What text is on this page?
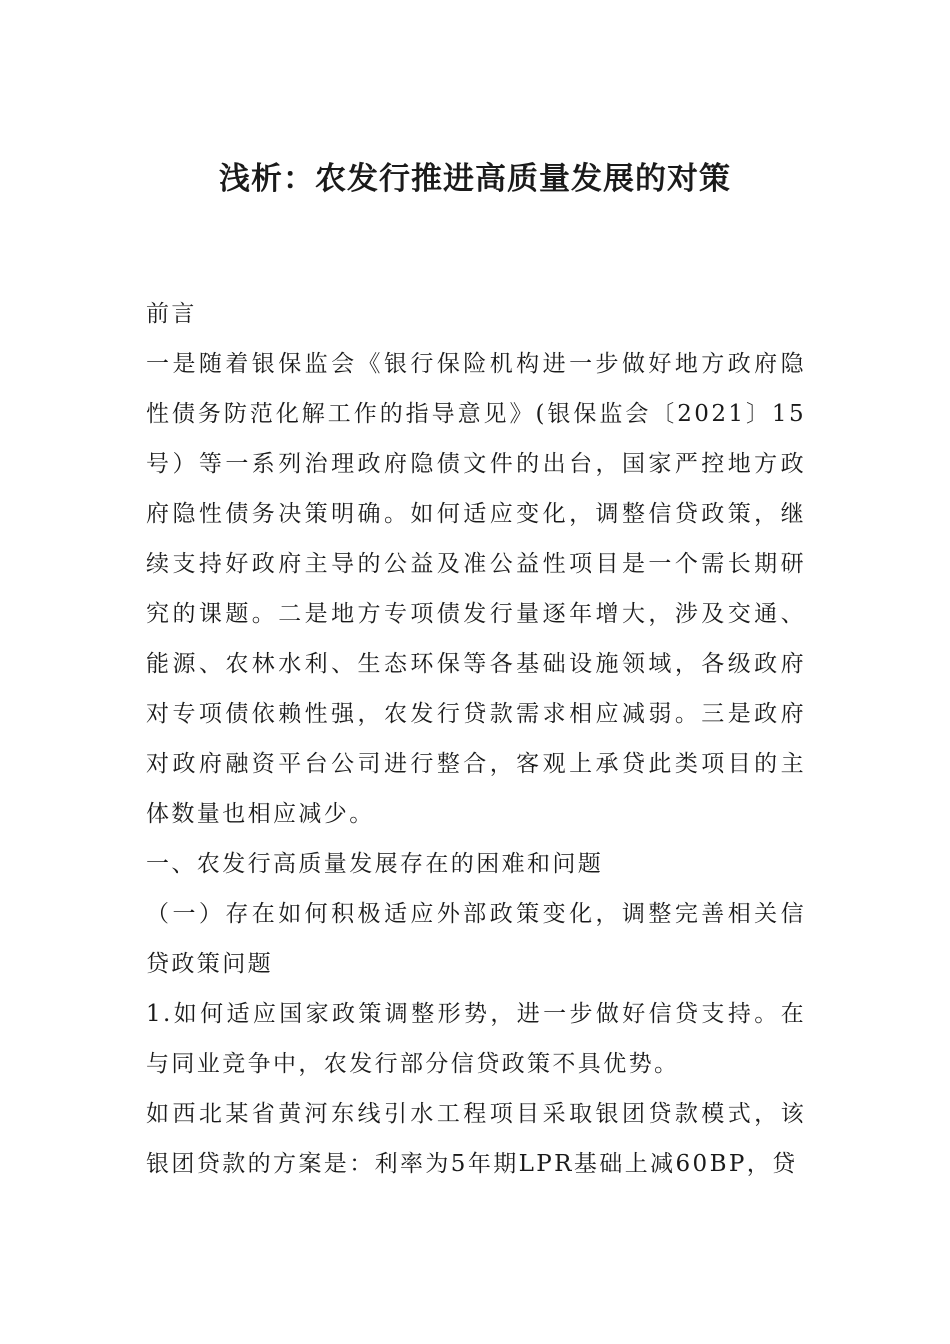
浅析：农发行推进高质量发展的对策

前言

一是随着银保监会《银行保险机构进一步做好地方政府隐性债务防范化解工作的指导意见》(银保监会〔2021〕15号）等一系列治理政府隐债文件的出台，国家严控地方政府隐性债务决策明确。如何适应变化，调整信贷政策，继续支持好政府主导的公益及准公益性项目是一个需长期研究的课题。二是地方专项债发行量逐年增大，涉及交通、能源、农林水利、生态环保等各基础设施领域，各级政府对专项债依赖性强，农发行贷款需求相应减弱。三是政府对政府融资平台公司进行整合，客观上承贷此类项目的主体数量也相应减少。

一、农发行高质量发展存在的困难和问题

（一）存在如何积极适应外部政策变化，调整完善相关信贷政策问题

1.如何适应国家政策调整形势，进一步做好信贷支持。在与同业竞争中，农发行部分信贷政策不具优势。

如西北某省黄河东线引水工程项目采取银团贷款模式，该银团贷款的方案是：利率为5年期LPR基础上减60BP，贷
